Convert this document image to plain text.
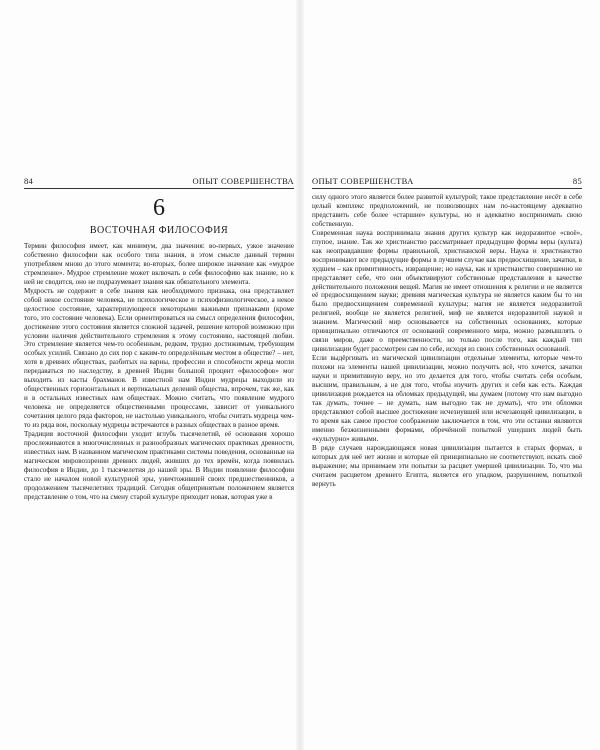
84	ОПЫТ СОВЕРШЕНСТВА
6
ВОСТОЧНАЯ ФИЛОСОФИЯ

Термин философия имеет, как минимум, два значения: во-первых, узкое значение собственно философии как особого типа знания, в этом смысле данный термин употребляем мною до этого момента; во-вторых, более широкое значение как «мудрое стремление». Мудрое стремление может включать в себя философию как знание, но к ней не сводится, оно не подразумевает знания как обязательного элемента.

Мудрость не содержит в себе знания как необходимого признака, она представляет собой некое состояние человека, не психологическое и психофизиологическое, а некое целостное состояние, характеризующееся некоторыми важными признаками (кроме того, это состояние человека). Если ориентироваться на смысл определения философии, достижение этого состояния является сложной задачей, решение которой возможно при условии наличия действительного стремления к этому состоянию, настоящей любви. Это стремление является чем-то особенным, редким, трудно достижимым, требующим особых усилий. Связано до сих пор с каким-то определённым местом в обществе? – нет, хотя в древних обществах, разбитых на варны, профессии и способности жрецa могли передаваться по наследству, в древней Индии большой процент «философов» мог выходить из касты брахманов. В известной нам Индии мудрецы выходили из общественных горизонтальных и вертикальных делений общества, впрочем, так же, как и в остальных известных нам обществах. Можно считать, что появление мудрого человека не определяется общественными процессами, зависит от уникального сочетания целого ряда факторов, не настолько уникального, чтобы считать мудреца чем-то из ряда вон, поскольку мудрецы встречаются в разных обществах в разное время.

Традиция восточной философии уходит вглубь тысячелетий, её основания хорошо прослеживаются в многочисленных и разнообразных магических практиках древности, известных нам. В названном магическом практиками системы поведения, основанные на магическом мировоззрении древних людей, живших до тех времён, когда появилась философия в Индии, до 1 тысячелетия до нашей эры. В Индии появление философии стало не началом новой культурной эры, уничтожившей своих предшественников, а продолжением тысячелетних традиций. Сегодня общепринятым положением является представление о том, что на смену старой культуре приходит новая, которая уже в

85
ОПЫТ СОВЕРШЕНСТВА

силу одного этого является более развитой культурой; такое представление несёт в себе целый комплекс предположений, не позволяющих нам по-настоящему адекватно представить себе более «старшие» культуры, но и адекватно воспринимать свою собственную.

Современная наука воспринимала знания других культур как недоразвитое «своё», глупое, знание. Так же христианство рассматривает предыдущие формы веры (культа) как неоправдавшие формы правильной, христианской веры. Наука и христианство воспринимают все предыдущие формы в лучшем случае как предвосхищение, зачатки, в худшем – как примитивность, извращение; но наука, как и христианство совершенно не представляет себе, что они объективируют собственные представления в качестве действительного положения вещей. Магия не имеет отношения к религии и не является её предвосхищением науки; древняя магическая культура не является каким бы то ни было предвосхищением современной культуры; магия не является недоразвитой религией, вообще не является религией, миф не является недоразвитой наукой и знанием. Магический мир основывается на собственных основаниях, которые принципиально отличаются от оснований современного мира, можно размышлять о связи миров, даже о преемственности, но только после того, как каждый тип цивилизации будет рассмотрен сам по себе, исходя из своих собственных оснований.

Если выдёргивать из магической цивилизации отдельные элементы, которые чем-то похожи на элементы нашей цивилизации, можно получить всё, что хочется, зачатки науки и примитивную веру, но это делается для того, чтобы считать себя особым, высшим, правильным, а не для того, чтобы изучить других и себя как есть. Каждая цивилизация рождается на обломках предыдущей, мы думаем (потому что нам выгодно так думать, точнее – не думать, нам выгодно так не думать), что эти обломки представляют собой высшее достижение исчезнувшей или исчезающей цивилизации, в то время как самое простое соображение заключается в том, что эти останки являются именно безжизненными формами, обречённой попыткой ушедших людей быть «культурно» живыми.

В ряде случаев нарождающаяся новая цивилизация пытается в старых формах, в которых для неё нет жизни и которые ей принципиально не соответствуют, искать своё выражение; мы принимаем эти попытки за расцвет умершей цивилизации. То, что мы считаем расцветом древнего Египта, является его упадком, разрушением, попыткой вернуть
